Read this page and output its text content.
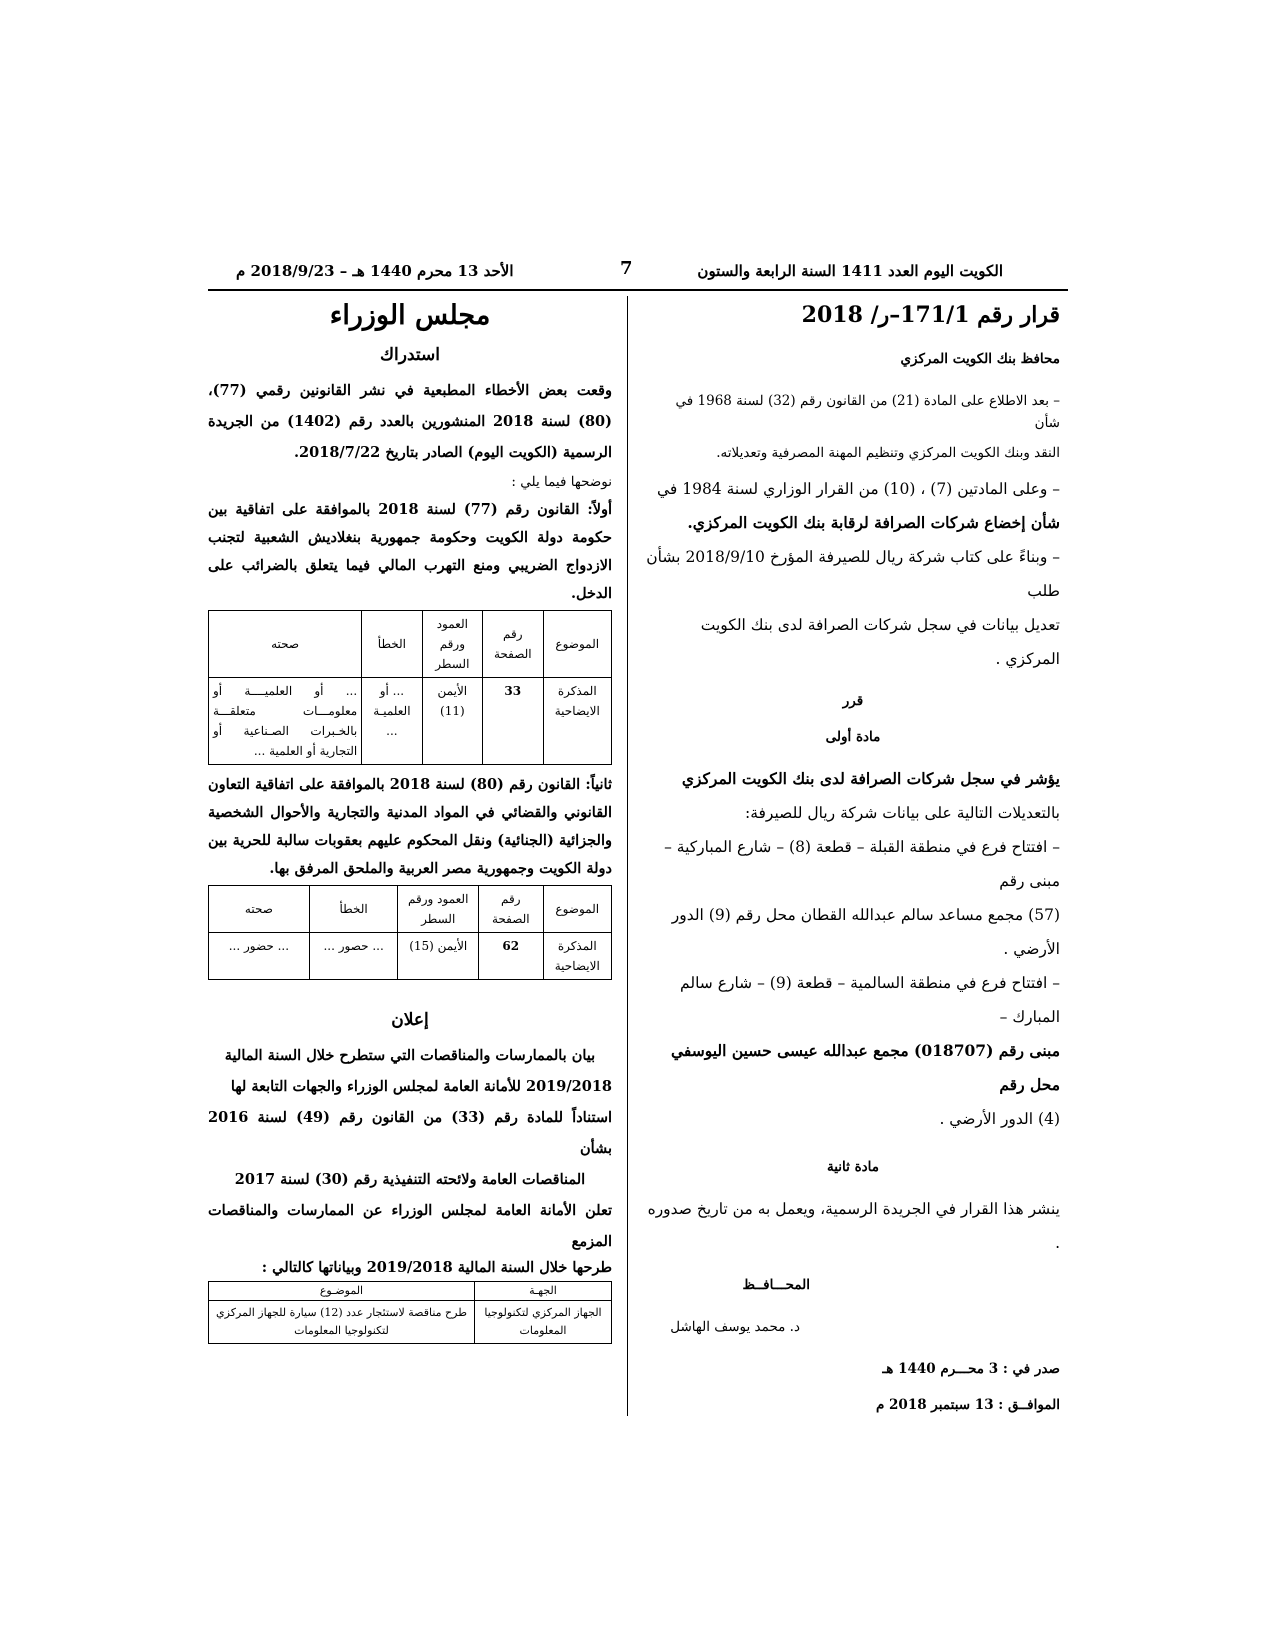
الكويت اليوم العدد 1411 السنة الرابعة والستون
7
الأحد 13 محرم 1440 هـ – 2018/9/23 م
قرار رقم 171/1–ر/ 2018

محافظ بنك الكويت المركزي

– بعد الاطلاع على المادة (21) من القانون رقم (32) لسنة 1968 في شأن

النقد وبنك الكويت المركزي وتنظيم المهنة المصرفية وتعديلاته.

– وعلى المادتين (7) ، (10) من القرار الوزاري لسنة 1984 في

شأن إخضاع شركات الصرافة لرقابة بنك الكويت المركزي.

– وبناءً على كتاب شركة ريال للصيرفة المؤرخ 2018/9/10 بشأن طلب

تعديل بيانات في سجل شركات الصرافة لدى بنك الكويت المركزي .

قرر

مادة أولى

يؤشر في سجل شركات الصرافة لدى بنك الكويت المركزي

بالتعديلات التالية على بيانات شركة ريال للصيرفة:

– افتتاح فرع في منطقة القبلة – قطعة (8) – شارع المباركية – مبنى رقم

(57) مجمع مساعد سالم عبدالله القطان محل رقم (9) الدور الأرضي .

– افتتاح فرع في منطقة السالمية – قطعة (9) – شارع سالم المبارك –

مبنى رقم (018707) مجمع عبدالله عيسى حسين اليوسفي محل رقم

(4) الدور الأرضي .

مادة ثانية

ينشر هذا القرار في الجريدة الرسمية، ويعمل به من تاريخ صدوره .

المحـــافــظ

د. محمد يوسف الهاشل

صدر في : 3 محـــرم 1440 هـ

الموافــق : 13 سبتمبر 2018 م

مجلس الوزراء
استدراك

وقعت بعض الأخطاء المطبعية في نشر القانونين رقمي (77)، (80) لسنة 2018 المنشورين بالعدد رقم (1402) من الجريدة الرسمية (الكويت اليوم) الصادر بتاريخ 2018/7/22.

نوضحها فيما يلي :

أولاً: القانون رقم (77) لسنة 2018 بالموافقة على اتفاقية بين حكومة دولة الكويت وحكومة جمهورية بنغلاديش الشعبية لتجنب الازدواج الضريبي ومنع التهرب المالي فيما يتعلق بالضرائب على الدخل.

الموضوع	رقم الصفحة	العمود ورقم السطر	الخطأ	صحته
المذكرة الايضاحية	33	الأيمن (11)	... أو العلميـة ...	... أو العلميــــة أو معلومـــات متعلقـــة بالخـبرات الصـناعية أو التجارية أو العلمية ...

ثانياً: القانون رقم (80) لسنة 2018 بالموافقة على اتفاقية التعاون القانوني والقضائي في المواد المدنية والتجارية والأحوال الشخصية والجزائية (الجنائية) ونقل المحكوم عليهم بعقوبات سالبة للحرية بين دولة الكويت وجمهورية مصر العربية والملحق المرفق بها.

الموضوع	رقم الصفحة	العمود ورقم السطر	الخطأ	صحته
المذكرة الايضاحية	62	الأيمن (15)	... حصور ...	... حضور ...
إعلان

بيان بالممارسات والمناقصات التي ستطرح خلال السنة المالية

2019/2018 للأمانة العامة لمجلس الوزراء والجهات التابعة لها

استناداً للمادة رقم (33) من القانون رقم (49) لسنة 2016 بشأن

المناقصات العامة ولائحته التنفيذية رقم (30) لسنة 2017

تعلن الأمانة العامة لمجلس الوزراء عن الممارسات والمناقصات المزمع

طرحها خلال السنة المالية 2019/2018 وبياناتها كالتالي :

الجهـة	الموضـوع
الجهاز المركزي لتكنولوجيا المعلومات	طرح مناقصة لاستئجار عدد (12) سيارة للجهاز المركزي لتكنولوجيا المعلومات
